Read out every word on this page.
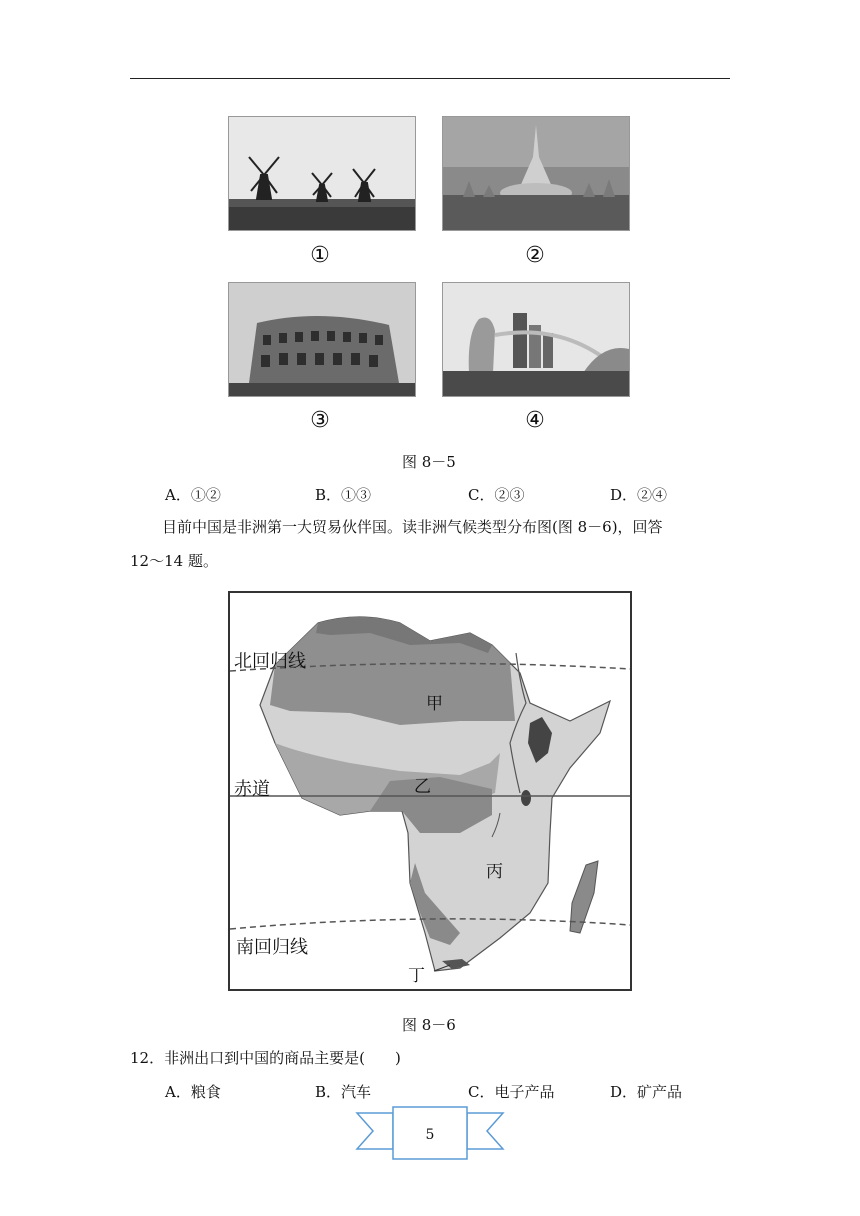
①	②
③	④
图 8－5
A．①②	B．①③	C．②③	D．②④
目前中国是非洲第一大贸易伙伴国。读非洲气候类型分布图(图 8－6)，回答
12～14 题。
北回归线
赤道
南回归线
甲
乙
丙
丁
图 8－6
12．非洲出口到中国的商品主要是(　　)
A．粮食	B．汽车	C．电子产品	D．矿产品
5
